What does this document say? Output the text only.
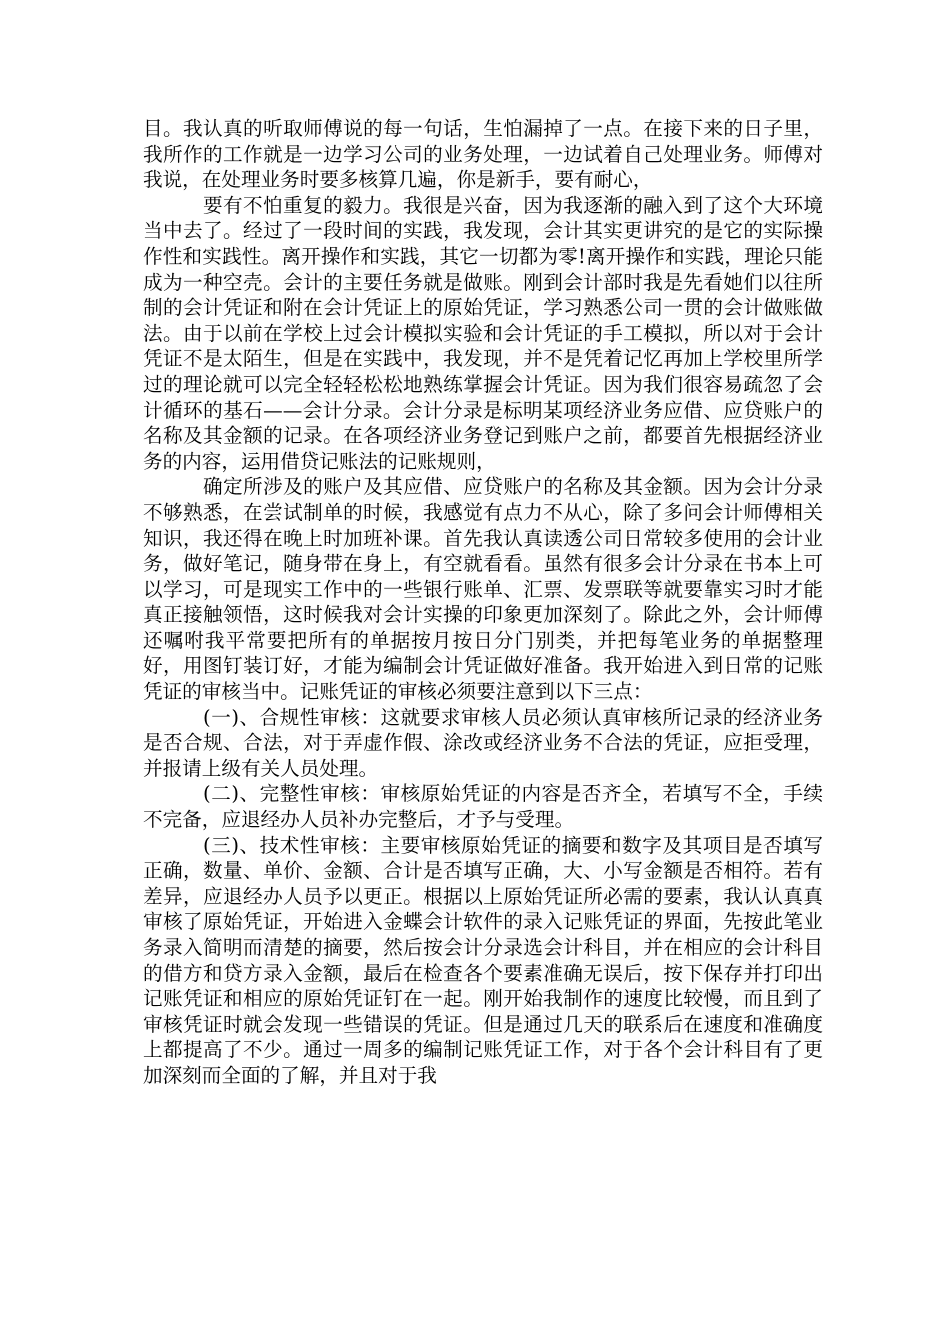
目。我认真的听取师傅说的每一句话，生怕漏掉了一点。在接下来的日子里，我所作的工作就是一边学习公司的业务处理，一边试着自己处理业务。师傅对我说，在处理业务时要多核算几遍，你是新手，要有耐心，

要有不怕重复的毅力。我很是兴奋，因为我逐渐的融入到了这个大环境当中去了。经过了一段时间的实践，我发现，会计其实更讲究的是它的实际操作性和实践性。离开操作和实践，其它一切都为零!离开操作和实践，理论只能成为一种空壳。会计的主要任务就是做账。刚到会计部时我是先看她们以往所制的会计凭证和附在会计凭证上的原始凭证，学习熟悉公司一贯的会计做账做法。由于以前在学校上过会计模拟实验和会计凭证的手工模拟，所以对于会计凭证不是太陌生，但是在实践中，我发现，并不是凭着记忆再加上学校里所学过的理论就可以完全轻轻松松地熟练掌握会计凭证。因为我们很容易疏忽了会计循环的基石——会计分录。会计分录是标明某项经济业务应借、应贷账户的名称及其金额的记录。在各项经济业务登记到账户之前，都要首先根据经济业务的内容，运用借贷记账法的记账规则，

确定所涉及的账户及其应借、应贷账户的名称及其金额。因为会计分录不够熟悉，在尝试制单的时候，我感觉有点力不从心，除了多问会计师傅相关知识，我还得在晚上时加班补课。首先我认真读透公司日常较多使用的会计业务，做好笔记，随身带在身上，有空就看看。虽然有很多会计分录在书本上可以学习，可是现实工作中的一些银行账单、汇票、发票联等就要靠实习时才能真正接触领悟，这时候我对会计实操的印象更加深刻了。除此之外，会计师傅还嘱咐我平常要把所有的单据按月按日分门别类，并把每笔业务的单据整理好，用图钉装订好，才能为编制会计凭证做好准备。我开始进入到日常的记账凭证的审核当中。记账凭证的审核必须要注意到以下三点：

(一)、合规性审核：这就要求审核人员必须认真审核所记录的经济业务是否合规、合法，对于弄虚作假、涂改或经济业务不合法的凭证，应拒受理，并报请上级有关人员处理。

(二)、完整性审核：审核原始凭证的内容是否齐全，若填写不全，手续不完备，应退经办人员补办完整后，才予与受理。

(三)、技术性审核：主要审核原始凭证的摘要和数字及其项目是否填写正确，数量、单价、金额、合计是否填写正确，大、小写金额是否相符。若有差异，应退经办人员予以更正。根据以上原始凭证所必需的要素，我认认真真审核了原始凭证，开始进入金蝶会计软件的录入记账凭证的界面，先按此笔业务录入简明而清楚的摘要，然后按会计分录选会计科目，并在相应的会计科目的借方和贷方录入金额，最后在检查各个要素准确无误后，按下保存并打印出记账凭证和相应的原始凭证钉在一起。刚开始我制作的速度比较慢，而且到了审核凭证时就会发现一些错误的凭证。但是通过几天的联系后在速度和准确度上都提高了不少。通过一周多的编制记账凭证工作，对于各个会计科目有了更加深刻而全面的了解，并且对于我
